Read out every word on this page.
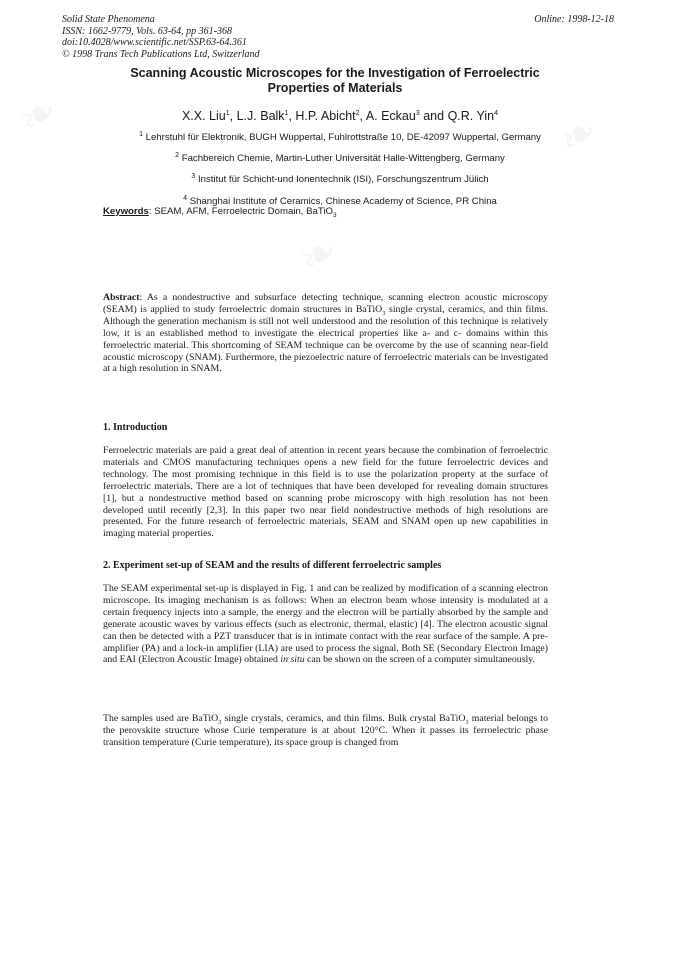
❧	❧
❧
Solid State Phenomena
ISSN: 1662-9779, Vols. 63-64, pp 361-368
doi:10.4028/www.scientific.net/SSP.63-64.361
© 1998 Trans Tech Publications Ltd, Switzerland
Online: 1998-12-18
Scanning Acoustic Microscopes for the Investigation of Ferroelectric Properties of Materials
X.X. Liu$^1$, L.J. Balk$^1$, H.P. Abicht$^2$, A. Eckau$^3$ and Q.R. Yin$^4$
$^1$ Lehrstuhl für Elektronik, BUGH Wuppertal, Fuhlrottstraße 10, DE-42097 Wuppertal, Germany
$^2$ Fachbereich Chemie, Martin-Luther Universität Halle-Wittengberg, Germany
$^3$ Institut für Schicht-und Ionentechnik (ISI), Forschungszentrum Jülich
$^4$ Shanghai Institute of Ceramics, Chinese Academy of Science, PR China
Keywords: SEAM, AFM, Ferroelectric Domain, BaTiO$_3$
Abstract: As a nondestructive and subsurface detecting technique, scanning electron acoustic microscopy (SEAM) is applied to study ferroelectric domain structures in BaTiO$_3$ single crystal, ceramics, and thin films. Although the generation mechanism is still not well understood and the resolution of this technique is relatively low, it is an established method to investigate the electrical properties like a- and c- domains within this ferroelectric material. This shortcoming of SEAM technique can be overcome by the use of scanning near-field acoustic microscopy (SNAM). Furthermore, the piezoelectric nature of ferroelectric materials can be investigated at a high resolution in SNAM.
1. Introduction
Ferroelectric materials are paid a great deal of attention in recent years because the combination of ferroelectric materials and CMOS manufacturing techniques opens a new field for the future ferroelectric devices and technology. The most promising technique in this field is to use the polarization property at the surface of ferroelectric materials. There are a lot of techniques that have been developed for revealing domain structures [1], but a nondestructive method based on scanning probe microscopy with high resolution has not been developed until recently [2,3]. In this paper two near field nondestructive methods of high resolutions are presented. For the future research of ferroelectric materials, SEAM and SNAM open up new capabilities in imaging material properties.
2. Experiment set-up of SEAM and the results of different ferroelectric samples
The SEAM experimental set-up is displayed in Fig. 1 and can be realized by modification of a scanning electron microscope. Its imaging mechanism is as follows: When an electron beam whose intensity is modulated at a certain frequency injects into a sample, the energy and the electron will be partially absorbed by the sample and generate acoustic waves by various effects (such as electronic, thermal, elastic) [4]. The electron acoustic signal can then be detected with a PZT transducer that is in intimate contact with the rear surface of the sample. A pre-amplifier (PA) and a lock-in amplifier (LIA) are used to process the signal. Both SE (Secondary Electron Image) and EAI (Electron Acoustic Image) obtained in situ can be shown on the screen of a computer simultaneously.
The samples used are BaTiO$_3$ single crystals, ceramics, and thin films. Bulk crystal BaTiO$_3$ material belongs to the perovskite structure whose Curie temperature is at about 120°C. When it passes its ferroelectric phase transition temperature (Curie temperature), its space group is changed from
